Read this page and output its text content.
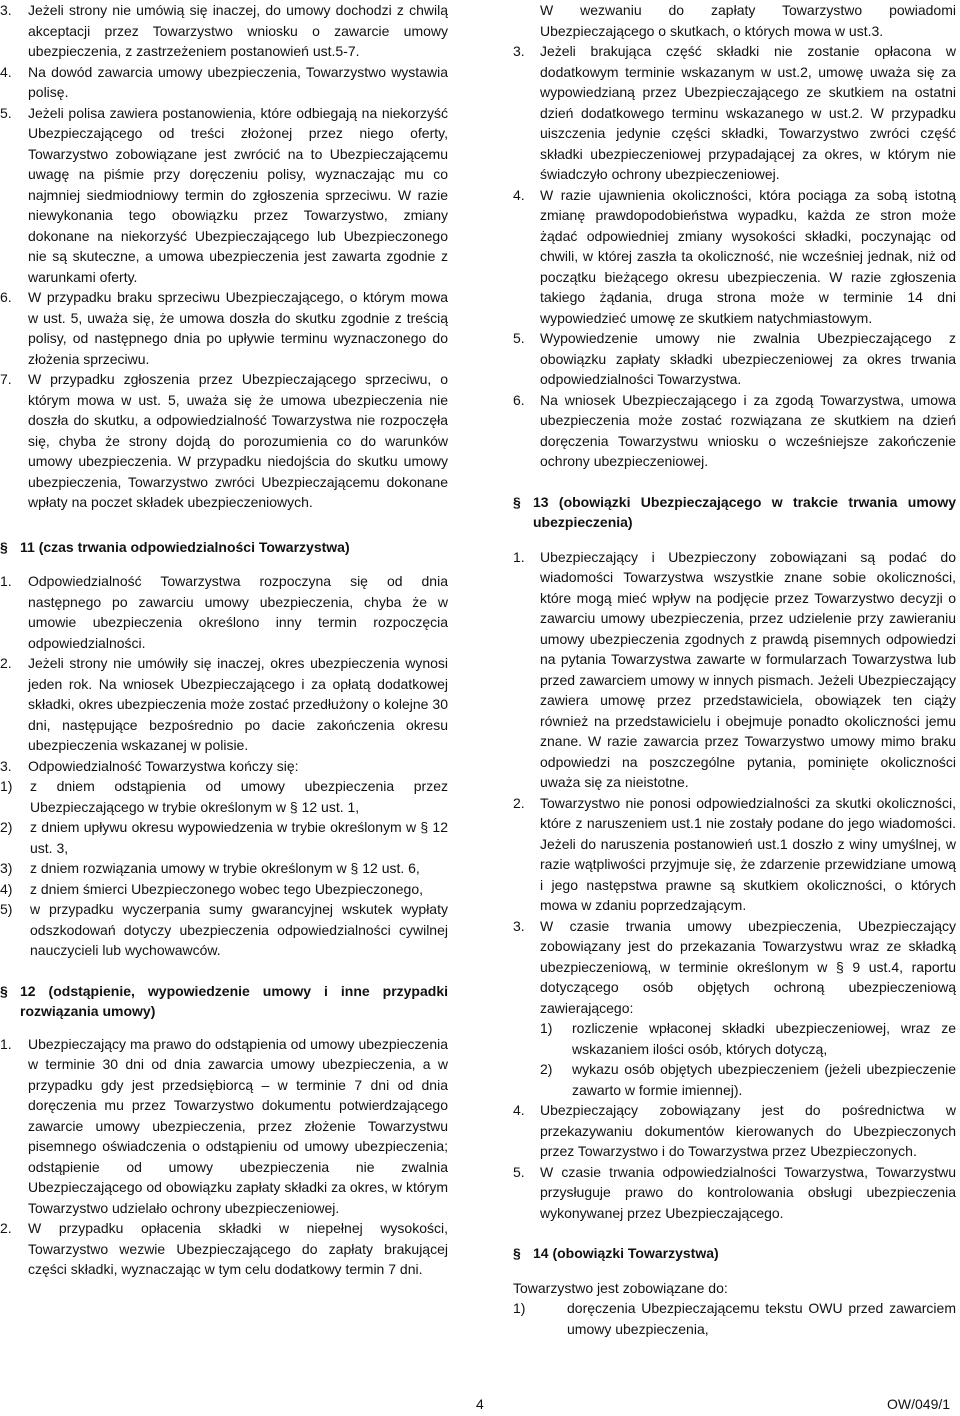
3.	Jeżeli strony nie umówią się inaczej, do umowy dochodzi z chwilą akceptacji przez Towarzystwo wniosku o zawarcie umowy ubezpieczenia, z zastrzeżeniem postanowień ust.5-7.
4.	Na dowód zawarcia umowy ubezpieczenia, Towarzystwo wystawia polisę.
5.	Jeżeli polisa zawiera postanowienia, które odbiegają na niekorzyść Ubezpieczającego od treści złożonej przez niego oferty, Towarzystwo zobowiązane jest zwrócić na to Ubezpieczającemu uwagę na piśmie przy doręczeniu polisy, wyznaczając mu co najmniej siedmiodniowy termin do zgłoszenia sprzeciwu. W razie niewykonania tego obowiązku przez Towarzystwo, zmiany dokonane na niekorzyść Ubezpieczającego lub Ubezpieczonego nie są skuteczne, a umowa ubezpieczenia jest zawarta zgodnie z warunkami oferty.
6.	W przypadku braku sprzeciwu Ubezpieczającego, o którym mowa w ust. 5, uważa się, że umowa doszła do skutku zgodnie z treścią polisy, od następnego dnia po upływie terminu wyznaczonego do złożenia sprzeciwu.
7.	W przypadku zgłoszenia przez Ubezpieczającego sprzeciwu, o którym mowa w ust. 5, uważa się że umowa ubezpieczenia nie doszła do skutku, a odpowiedzialność Towarzystwa nie rozpoczęła się, chyba że strony dojdą do porozumienia co do warunków umowy ubezpieczenia. W przypadku niedojścia do skutku umowy ubezpieczenia, Towarzystwo zwróci Ubezpieczającemu dokonane wpłaty na poczet składek ubezpieczeniowych.
§ 11 (czas trwania odpowiedzialności Towarzystwa)
1.	Odpowiedzialność Towarzystwa rozpoczyna się od dnia następnego po zawarciu umowy ubezpieczenia, chyba że w umowie ubezpieczenia określono inny termin rozpoczęcia odpowiedzialności.
2.	Jeżeli strony nie umówiły się inaczej, okres ubezpieczenia wynosi jeden rok. Na wniosek Ubezpieczającego i za opłatą dodatkowej składki, okres ubezpieczenia może zostać przedłużony o kolejne 30 dni, następujące bezpośrednio po dacie zakończenia okresu ubezpieczenia wskazanej w polisie.
3.	Odpowiedzialność Towarzystwa kończy się:
1)	z dniem odstąpienia od umowy ubezpieczenia przez Ubezpieczającego w trybie określonym w § 12 ust. 1,
2)	z dniem upływu okresu wypowiedzenia w trybie określonym w § 12 ust. 3,
3)	z dniem rozwiązania umowy w trybie określonym w § 12 ust. 6,
4)	z dniem śmierci Ubezpieczonego wobec tego Ubezpieczonego,
5)	w przypadku wyczerpania sumy gwarancyjnej wskutek wypłaty odszkodowań dotyczy ubezpieczenia odpowiedzialności cywilnej nauczycieli lub wychowawców.
§ 12 (odstąpienie, wypowiedzenie umowy i inne przypadki rozwiązania umowy)
1.	Ubezpieczający ma prawo do odstąpienia od umowy ubezpieczenia w terminie 30 dni od dnia zawarcia umowy ubezpieczenia, a w przypadku gdy jest przedsiębiorcą – w terminie 7 dni od dnia doręczenia mu przez Towarzystwo dokumentu potwierdzającego zawarcie umowy ubezpieczenia, przez złożenie Towarzystwu pisemnego oświadczenia o odstąpieniu od umowy ubezpieczenia; odstąpienie od umowy ubezpieczenia nie zwalnia Ubezpieczającego od obowiązku zapłaty składki za okres, w którym Towarzystwo udzielało ochrony ubezpieczeniowej.
2.	W przypadku opłacenia składki w niepełnej wysokości, Towarzystwo wezwie Ubezpieczającego do zapłaty brakującej części składki, wyznaczając w tym celu dodatkowy termin 7 dni.
W wezwaniu do zapłaty Towarzystwo powiadomi Ubezpieczającego o skutkach, o których mowa w ust.3.
3.	Jeżeli brakująca część składki nie zostanie opłacona w dodatkowym terminie wskazanym w ust.2, umowę uważa się za wypowiedzianą przez Ubezpieczającego ze skutkiem na ostatni dzień dodatkowego terminu wskazanego w ust.2. W przypadku uiszczenia jedynie części składki, Towarzystwo zwróci część składki ubezpieczeniowej przypadającej za okres, w którym nie świadczyło ochrony ubezpieczeniowej.
4.	W razie ujawnienia okoliczności, która pociąga za sobą istotną zmianę prawdopodobieństwa wypadku, każda ze stron może żądać odpowiedniej zmiany wysokości składki, poczynając od chwili, w której zaszła ta okoliczność, nie wcześniej jednak, niż od początku bieżącego okresu ubezpieczenia. W razie zgłoszenia takiego żądania, druga strona może w terminie 14 dni wypowiedzieć umowę ze skutkiem natychmiastowym.
5.	Wypowiedzenie umowy nie zwalnia Ubezpieczającego z obowiązku zapłaty składki ubezpieczeniowej za okres trwania odpowiedzialności Towarzystwa.
6.	Na wniosek Ubezpieczającego i za zgodą Towarzystwa, umowa ubezpieczenia może zostać rozwiązana ze skutkiem na dzień doręczenia Towarzystwu wniosku o wcześniejsze zakończenie ochrony ubezpieczeniowej.
§ 13 (obowiązki Ubezpieczającego w trakcie trwania umowy ubezpieczenia)
1.	Ubezpieczający i Ubezpieczony zobowiązani są podać do wiadomości Towarzystwa wszystkie znane sobie okoliczności, które mogą mieć wpływ na podjęcie przez Towarzystwo decyzji o zawarciu umowy ubezpieczenia, przez udzielenie przy zawieraniu umowy ubezpieczenia zgodnych z prawdą pisemnych odpowiedzi na pytania Towarzystwa zawarte w formularzach Towarzystwa lub przed zawarciem umowy w innych pismach. Jeżeli Ubezpieczający zawiera umowę przez przedstawiciela, obowiązek ten ciąży również na przedstawicielu i obejmuje ponadto okoliczności jemu znane. W razie zawarcia przez Towarzystwo umowy mimo braku odpowiedzi na poszczególne pytania, pominięte okoliczności uważa się za nieistotne.
2.	Towarzystwo nie ponosi odpowiedzialności za skutki okoliczności, które z naruszeniem ust.1 nie zostały podane do jego wiadomości. Jeżeli do naruszenia postanowień ust.1 doszło z winy umyślnej, w razie wątpliwości przyjmuje się, że zdarzenie przewidziane umową i jego następstwa prawne są skutkiem okoliczności, o których mowa w zdaniu poprzedzającym.
3.	W czasie trwania umowy ubezpieczenia, Ubezpieczający zobowiązany jest do przekazania Towarzystwu wraz ze składką ubezpieczeniową, w terminie określonym w § 9 ust.4, raportu dotyczącego osób objętych ochroną ubezpieczeniową zawierającego:
1)	rozliczenie wpłaconej składki ubezpieczeniowej, wraz ze wskazaniem ilości osób, których dotyczą,
2)	wykazu osób objętych ubezpieczeniem (jeżeli ubezpieczenie zawarto w formie imiennej).
4.	Ubezpieczający zobowiązany jest do pośrednictwa w przekazywaniu dokumentów kierowanych do Ubezpieczonych przez Towarzystwo i do Towarzystwa przez Ubezpieczonych.
5.	W czasie trwania odpowiedzialności Towarzystwa, Towarzystwu przysługuje prawo do kontrolowania obsługi ubezpieczenia wykonywanej przez Ubezpieczającego.
§ 14 (obowiązki Towarzystwa)
Towarzystwo jest zobowiązane do:
1)	doręczenia Ubezpieczającemu tekstu OWU przed zawarciem umowy ubezpieczenia,
4	OW/049/1
